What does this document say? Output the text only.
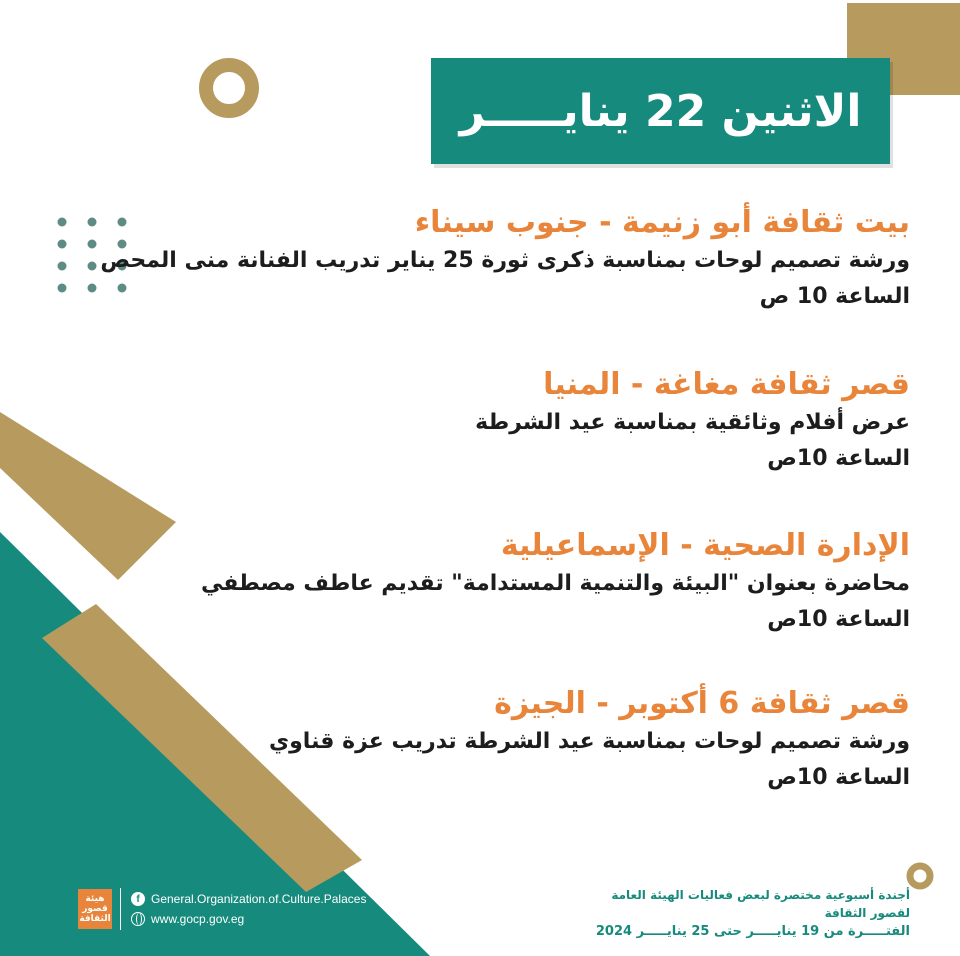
الاثنين 22 ينايـــــر

بيت ثقافة أبو زنيمة - جنوب سيناء

ورشة تصميم لوحات بمناسبة ذكرى ثورة 25 يناير تدريب الفنانة منى المحص

الساعة 10 ص

قصر ثقافة مغاغة - المنيا

عرض أفلام وثائقية بمناسبة عيد الشرطة

الساعة 10ص

الإدارة الصحية - الإسماعيلية

محاضرة بعنوان "البيئة والتنمية المستدامة" تقديم عاطف مصطفي

الساعة 10ص

قصر ثقافة 6 أكتوبر - الجيزة

ورشة تصميم لوحات بمناسبة عيد الشرطة تدريب عزة قناوي

الساعة 10ص

أجندة أسبوعية مختصرة لبعض فعاليات الهيئة العامة لقصور الثقافة
الفتـــــرة من 19 ينايـــــر حتى 25 ينايـــــر 2024
هيئة قصور الثقافة
f General.Organization.of.Culture.Palaces
www.gocp.gov.eg
